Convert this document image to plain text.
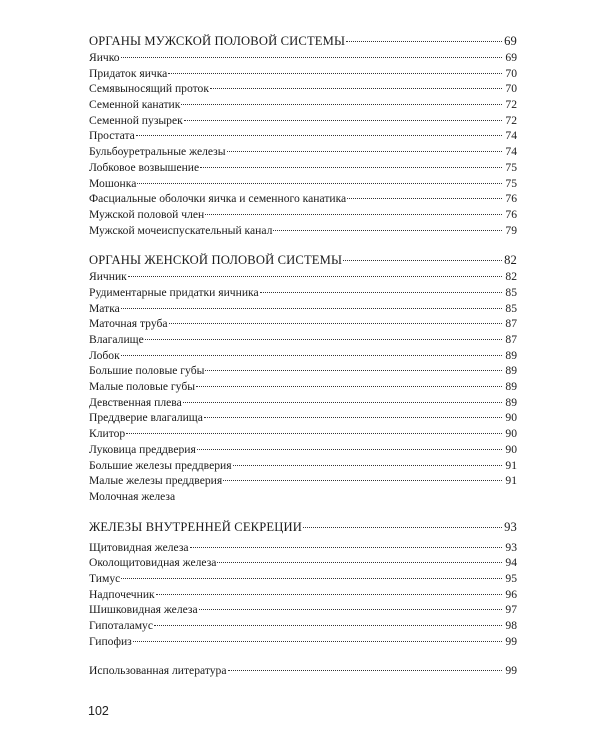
ОРГАНЫ МУЖСКОЙ ПОЛОВОЙ СИСТЕМЫ	69
Яичко	69
Придаток яичка	70
Семявыносящий проток	70
Семенной канатик	72
Семенной пузырек	72
Простата	74
Бульбоуретральные железы	74
Лобковое возвышение	75
Мошонка	75
Фасциальные оболочки яичка и семенного канатика	76
Мужской половой член	76
Мужской мочеиспускательный канал	79
ОРГАНЫ ЖЕНСКОЙ ПОЛОВОЙ СИСТЕМЫ	82
Яичник	82
Рудиментарные придатки яичника	85
Матка	85
Маточная труба	87
Влагалище	87
Лобок	89
Большие половые губы	89
Малые половые губы	89
Девственная плева	89
Преддверие влагалища	90
Клитор	90
Луковица преддверия	90
Большие железы преддверия	91
Малые железы преддверия	91
Молочная железа
ЖЕЛЕЗЫ ВНУТРЕННЕЙ СЕКРЕЦИИ	93
Щитовидная железа	93
Околощитовидная железа	94
Тимус	95
Надпочечник	96
Шишковидная железа	97
Гипоталамус	98
Гипофиз	99
Использованная литература	99
102
